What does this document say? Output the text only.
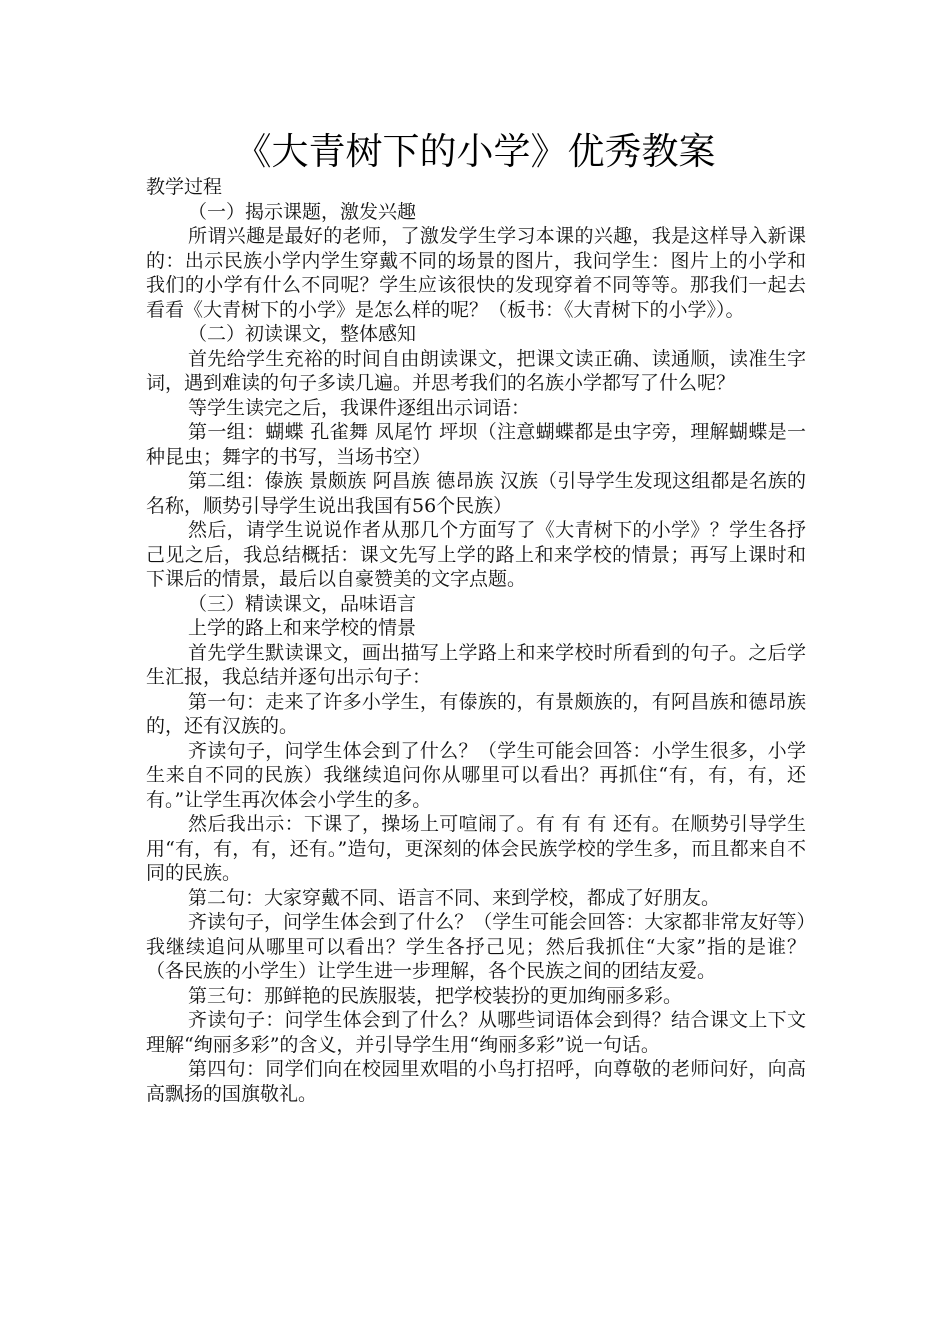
《大青树下的小学》优秀教案

教学过程

（一）揭示课题，激发兴趣

所谓兴趣是最好的老师，了激发学生学习本课的兴趣，我是这样导入新课的：出示民族小学内学生穿戴不同的场景的图片，我问学生：图片上的小学和我们的小学有什么不同呢？学生应该很快的发现穿着不同等等。那我们一起去看看《大青树下的小学》是怎么样的呢？（板书：《大青树下的小学》）。

（二）初读课文，整体感知

首先给学生充裕的时间自由朗读课文，把课文读正确、读通顺，读准生字词，遇到难读的句子多读几遍。并思考我们的名族小学都写了什么呢？

等学生读完之后，我课件逐组出示词语：

第一组：蝴蝶 孔雀舞 凤尾竹 坪坝（注意蝴蝶都是虫字旁，理解蝴蝶是一种昆虫；舞字的书写，当场书空）

第二组：傣族 景颇族 阿昌族 德昂族 汉族（引导学生发现这组都是名族的名称，顺势引导学生说出我国有56个民族）

然后，请学生说说作者从那几个方面写了《大青树下的小学》？学生各抒己见之后，我总结概括：课文先写上学的路上和来学校的情景；再写上课时和下课后的情景，最后以自豪赞美的文字点题。

（三）精读课文，品味语言

上学的路上和来学校的情景

首先学生默读课文，画出描写上学路上和来学校时所看到的句子。之后学生汇报，我总结并逐句出示句子：

第一句：走来了许多小学生，有傣族的，有景颇族的，有阿昌族和德昂族的，还有汉族的。

齐读句子，问学生体会到了什么？（学生可能会回答：小学生很多，小学生来自不同的民族）我继续追问你从哪里可以看出？再抓住“有，有，有，还有。”让学生再次体会小学生的多。

然后我出示：下课了，操场上可喧闹了。有 有 有 还有。在顺势引导学生用“有，有，有，还有。”造句，更深刻的体会民族学校的学生多，而且都来自不同的民族。

第二句：大家穿戴不同、语言不同、来到学校，都成了好朋友。

齐读句子，问学生体会到了什么？（学生可能会回答：大家都非常友好等）我继续追问从哪里可以看出？学生各抒己见；然后我抓住“大家”指的是谁？（各民族的小学生）让学生进一步理解，各个民族之间的团结友爱。

第三句：那鲜艳的民族服装，把学校装扮的更加绚丽多彩。

齐读句子：问学生体会到了什么？从哪些词语体会到得？结合课文上下文理解“绚丽多彩”的含义，并引导学生用“绚丽多彩”说一句话。

第四句：同学们向在校园里欢唱的小鸟打招呼，向尊敬的老师问好，向高高飘扬的国旗敬礼。
